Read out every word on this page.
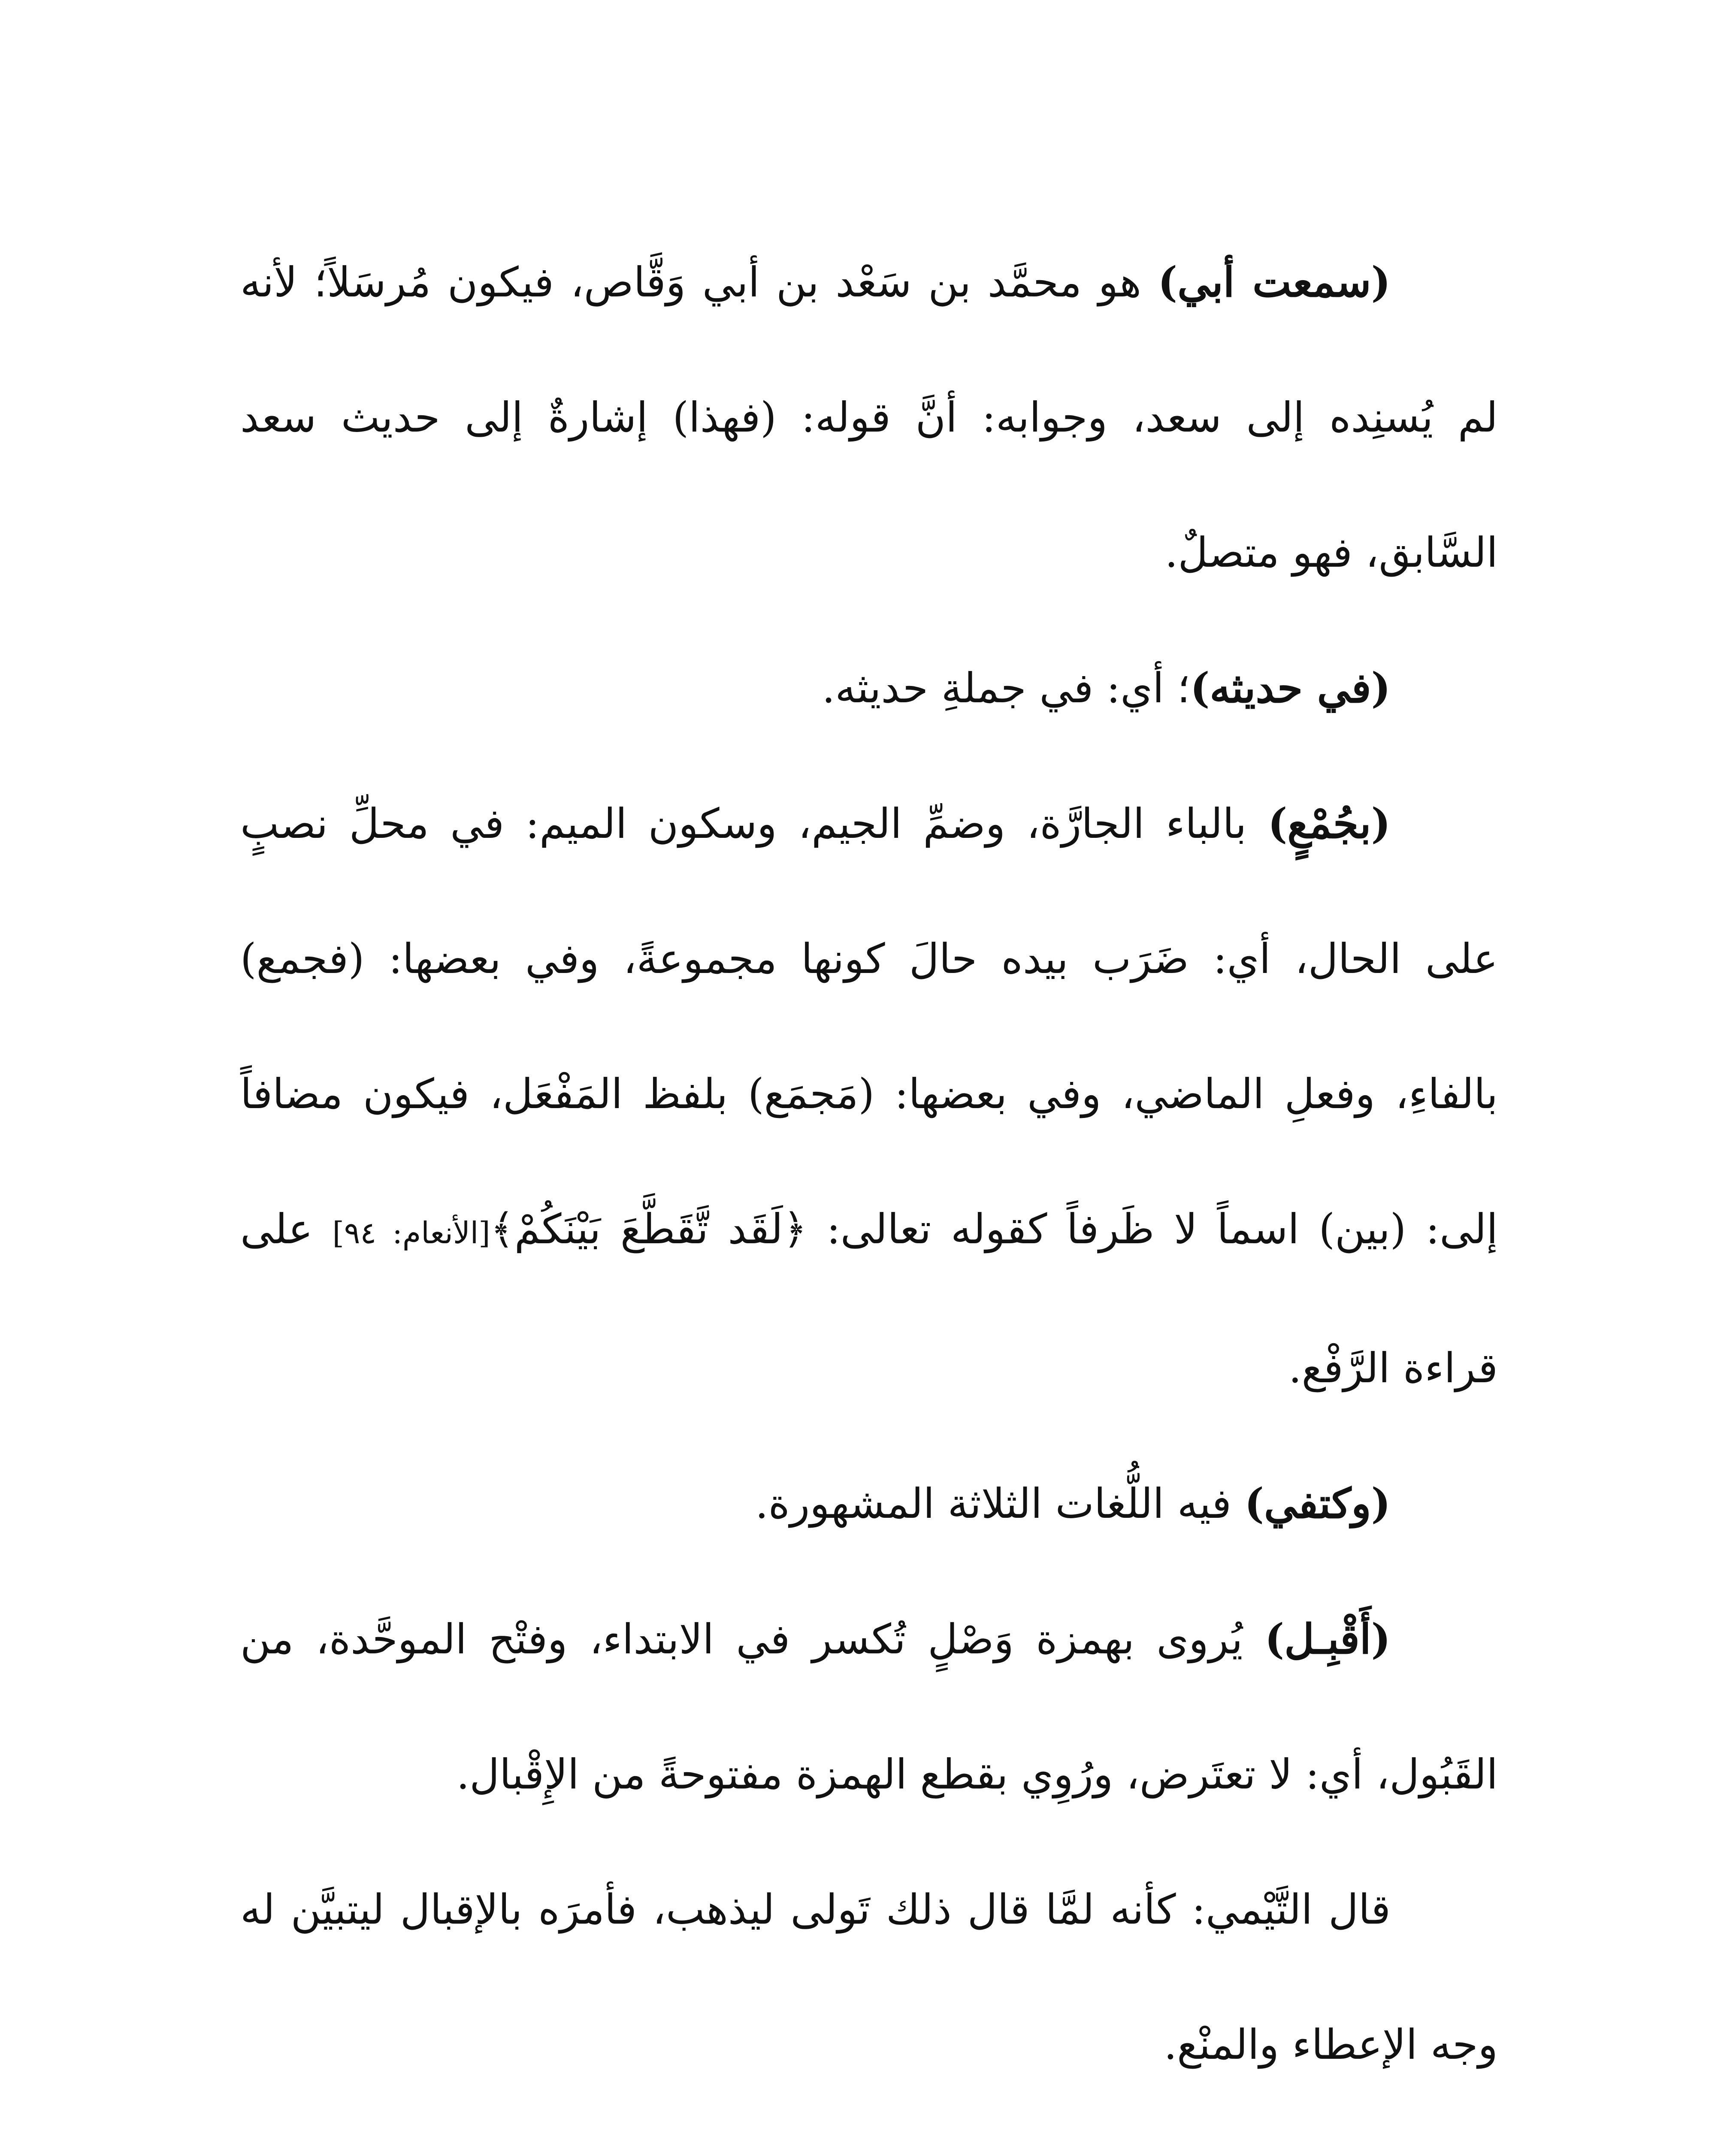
(سمعت أبي) هو محمَّد بن سَعْد بن أبي وَقَّاص، فيكون مُرسَلاً؛ لأنه لم يُسنِده إلى سعد، وجوابه: أنَّ قوله: (فهذا) إشارةٌ إلى حديث سعد السَّابق، فهو متصلٌ.

(في حديثه)؛ أي: في جملةِ حديثه.

(بجُمْعٍ) بالباء الجارَّة، وضمِّ الجيم، وسكون الميم: في محلِّ نصبٍ على الحال، أي: ضَرَب بيده حالَ كونها مجموعةً، وفي بعضها: (فجمع) بالفاءِ، وفعلِ الماضي، وفي بعضها: (مَجمَع) بلفظ المَفْعَل، فيكون مضافاً إلى: (بين) اسماً لا ظَرفاً كقوله تعالى: ﴿لَقَد تَّقَطَّعَ بَيْنَكُمْ﴾[الأنعام: ٩٤] على قراءة الرَّفْع.

(وكتفي) فيه اللُّغات الثلاثة المشهورة.

(أَقْبِـل) يُروى بهمزة وَصْلٍ تُكسر في الابتداء، وفتْح الموحَّدة، من القَبُول، أي: لا تعتَرض، ورُوِي بقطع الهمزة مفتوحةً من الإِقْبال.

قال التَّيْمي: كأنه لمَّا قال ذلك تَولى ليذهب، فأمرَه بالإقبال ليتبيَّن له وجه الإعطاء والمنْع.
